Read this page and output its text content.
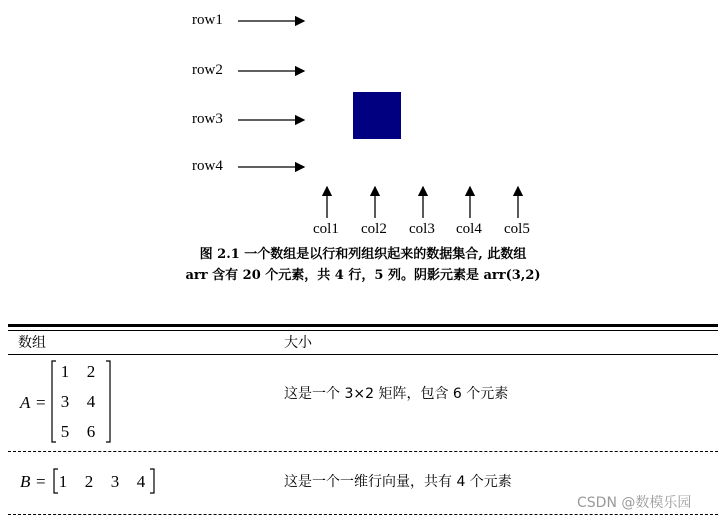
row1
row2
row3
row4
col1 col2 col3 col4 col5
图 2.1 一个数组是以行和列组织起来的数据集合, 此数组
arr 含有 20 个元素，共 4 行，5 列。阴影元素是 arr(3,2)
数组	大小
A =
1 2
3 4
5 6
这是一个 3×2 矩阵，包含 6 个元素
B = 1 2 3 4	这是一个一维行向量，共有 4 个元素
CSDN @数模乐园
